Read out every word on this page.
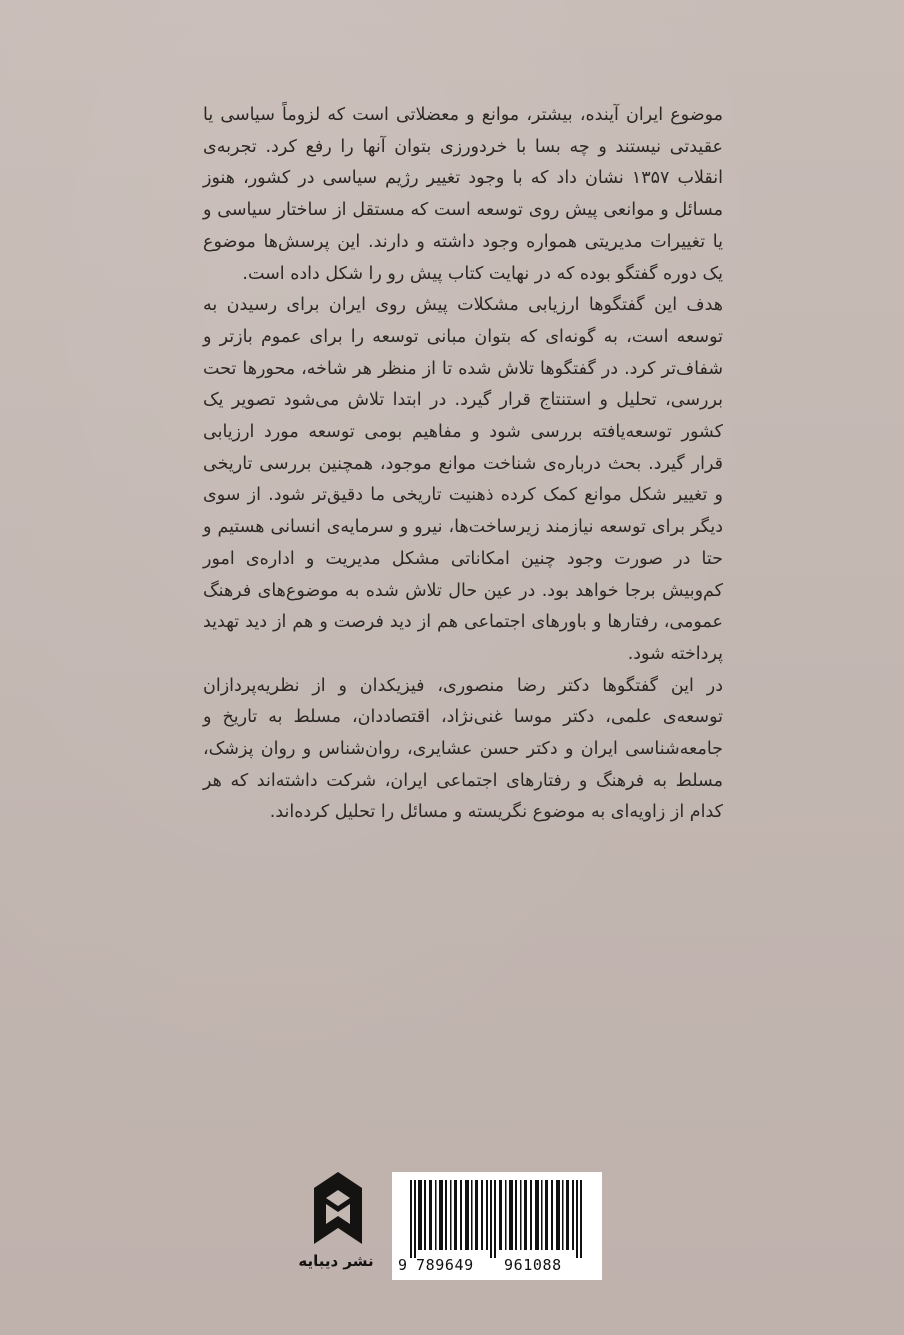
موضوع ایران آینده، بیشتر، موانع و معضلاتی است که لزوماً سیاسی یا عقیدتی نیستند و چه بسا با خردورزی بتوان آنها را رفع کرد. تجربه‌ی انقلاب ۱۳۵۷ نشان داد که با وجود تغییر رژیم سیاسی در کشور، هنوز مسائل و موانعی پیش روی توسعه است که مستقل از ساختار سیاسی و یا تغییرات مدیریتی همواره وجود داشته و دارند. این پرسش‌ها موضوع یک دوره گفتگو بوده که در نهایت کتاب پیش رو را شکل داده است.

هدف این گفتگوها ارزیابی مشکلات پیش روی ایران برای رسیدن به توسعه است، به گونه‌ای که بتوان مبانی توسعه را برای عموم بازتر و شفاف‌تر کرد. در گفتگوها تلاش شده تا از منظر هر شاخه، محورها تحت بررسی، تحلیل و استنتاج قرار گیرد. در ابتدا تلاش می‌شود تصویر یک کشور توسعه‌یافته بررسی شود و مفاهیم بومی توسعه مورد ارزیابی قرار گیرد. بحث درباره‌ی شناخت موانع موجود، همچنین بررسی تاریخی و تغییر شکل موانع کمک کرده ذهنیت تاریخی ما دقیق‌تر شود. از سوی دیگر برای توسعه نیازمند زیرساخت‌ها، نیرو و سرمایه‌ی انسانی هستیم و حتا در صورت وجود چنین امکاناتی مشکل مدیریت و اداره‌ی امور کم‌وبیش برجا خواهد بود. در عین حال تلاش شده به موضوع‌های فرهنگ عمومی، رفتارها و باورهای اجتماعی هم از دید فرصت و هم از دید تهدید پرداخته شود.

در این گفتگوها دکتر رضا منصوری، فیزیکدان و از نظریه‌پردازان توسعه‌ی علمی، دکتر موسا غنی‌نژاد، اقتصاددان، مسلط به تاریخ و جامعه‌شناسی ایران و دکتر حسن عشایری، روان‌شناس و روان پزشک، مسلط به فرهنگ و رفتارهای اجتماعی ایران، شرکت داشته‌اند که هر کدام از زاویه‌ای به موضوع نگریسته و مسائل را تحلیل کرده‌اند.

نشر دیبایه	9 789649 961088
